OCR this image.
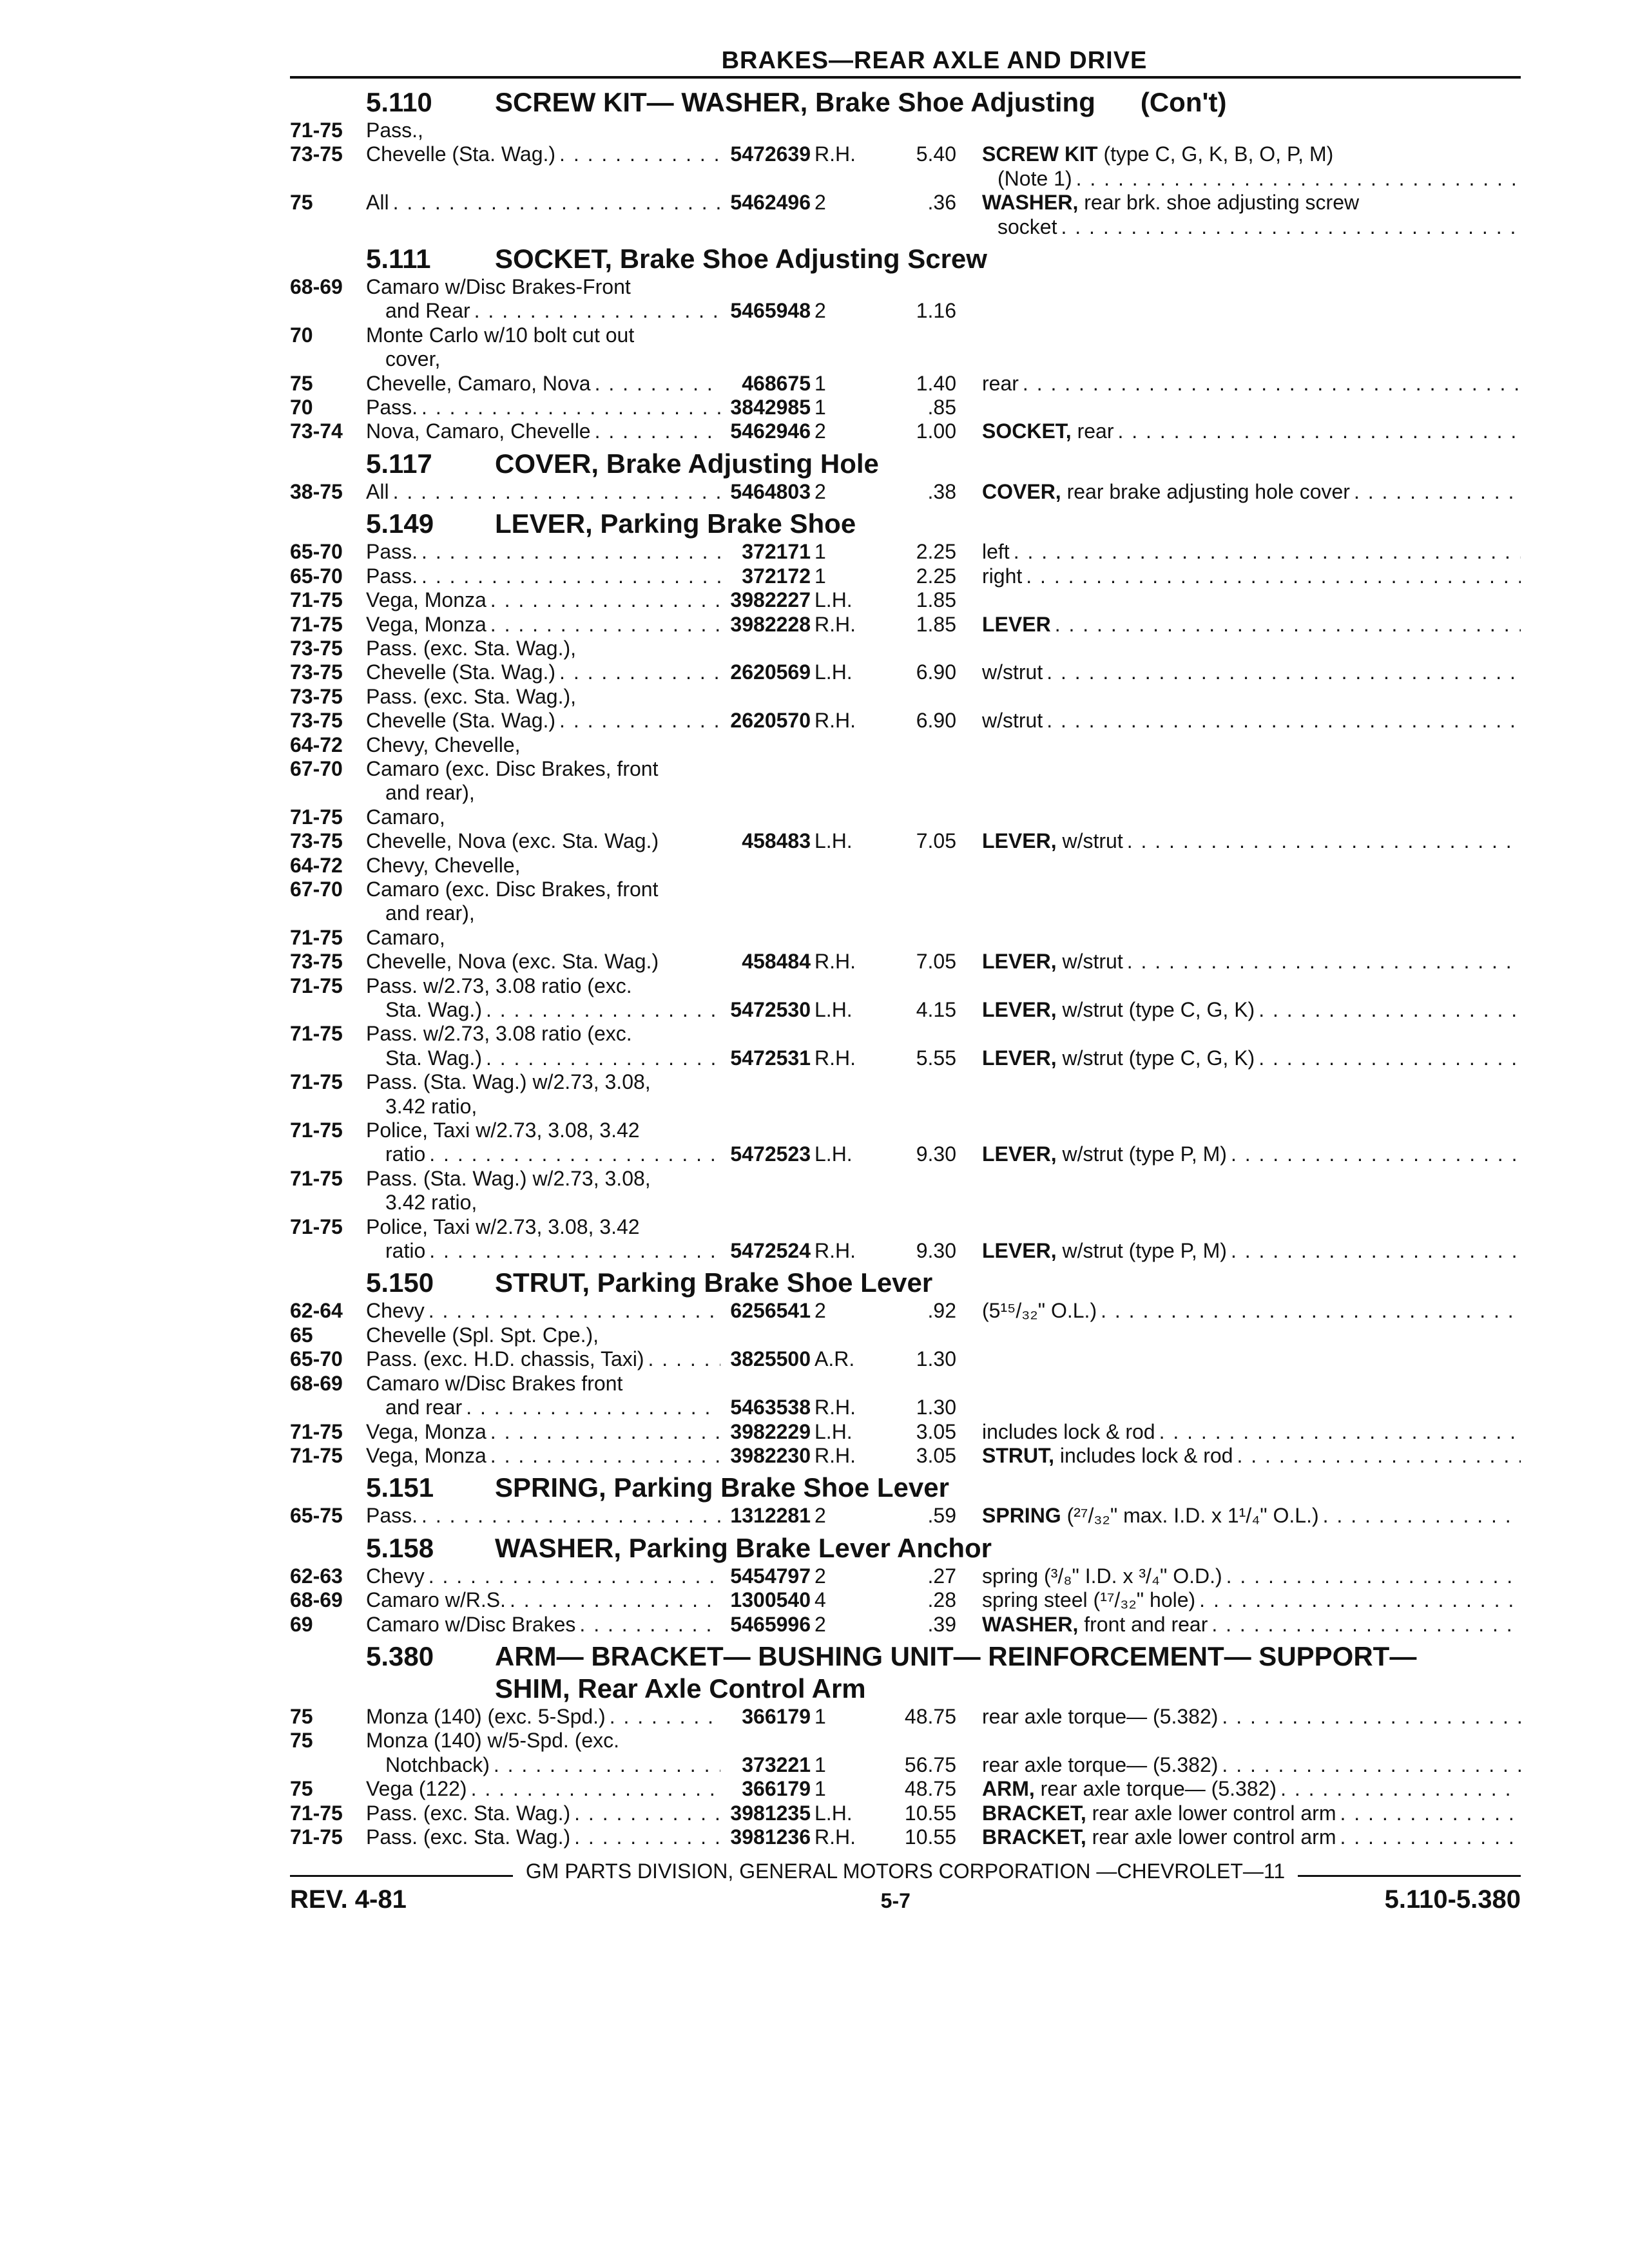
BRAKES—REAR AXLE AND DRIVE
5.110	SCREW KIT— WASHER, Brake Shoe Adjusting (Con't)
71-75	Pass.,
73-75	Chevelle (Sta. Wag.) . . .	5472639 R.H.	5.40 SCREW KIT (type C, G, K, B, O, P, M)
(Note 1)
. . .
75	All . . .	5462496 2	.36 WASHER, rear brk. shoe adjusting screw
socket
. . .
5.111	SOCKET, Brake Shoe Adjusting Screw
68-69	Camaro w/Disc Brakes-Front
and Rear . . .	5465948 2	1.16
70	Monte Carlo w/10 bolt cut out
cover,
75	Chevelle, Camaro, Nova . . .	468675 1	1.40 rear
. . .
70	Pass. . . .	3842985 1	.85
73-74	Nova, Camaro, Chevelle . . .	5462946 2	1.00 SOCKET, rear
. . .
5.117	COVER, Brake Adjusting Hole
38-75	All . . .	5464803 2	.38 COVER, rear brake adjusting hole cover
. . .
5.149	LEVER, Parking Brake Shoe
65-70	Pass. . . .	372171 1	2.25 left
. . .
65-70	Pass. . . .	372172 1	2.25 right
. . .
71-75	Vega, Monza . . .	3982227 L.H.	1.85
71-75	Vega, Monza . . .	3982228 R.H.	1.85 LEVER
. . .
73-75	Pass. (exc. Sta. Wag.),
73-75	Chevelle (Sta. Wag.) . . .	2620569 L.H.	6.90 w/strut
. . .
73-75	Pass. (exc. Sta. Wag.),
73-75	Chevelle (Sta. Wag.) . . .	2620570 R.H.	6.90 w/strut
. . .
64-72	Chevy, Chevelle,
67-70	Camaro (exc. Disc Brakes, front
and rear),
71-75	Camaro,
73-75	Chevelle, Nova (exc. Sta. Wag.)	458483 L.H.	7.05 LEVER, w/strut
. . .
64-72	Chevy, Chevelle,
67-70	Camaro (exc. Disc Brakes, front
and rear),
71-75	Camaro,
73-75	Chevelle, Nova (exc. Sta. Wag.)	458484 R.H.	7.05 LEVER, w/strut
. . .
71-75	Pass. w/2.73, 3.08 ratio (exc.
Sta. Wag.) . . .	5472530 L.H.	4.15 LEVER, w/strut (type C, G, K)
. . .
71-75	Pass. w/2.73, 3.08 ratio (exc.
Sta. Wag.) . . .	5472531 R.H.	5.55 LEVER, w/strut (type C, G, K)
. . .
71-75	Pass. (Sta. Wag.) w/2.73, 3.08,
3.42 ratio,
71-75	Police, Taxi w/2.73, 3.08, 3.42
ratio . . .	5472523 L.H.	9.30 LEVER, w/strut (type P, M)
. . .
71-75	Pass. (Sta. Wag.) w/2.73, 3.08,
3.42 ratio,
71-75	Police, Taxi w/2.73, 3.08, 3.42
ratio . . .	5472524 R.H.	9.30 LEVER, w/strut (type P, M)
. . .
5.150	STRUT, Parking Brake Shoe Lever
62-64	Chevy . . .	6256541 2	.92 (5¹⁵/₃₂" O.L.)
. . .
65	Chevelle (Spl. Spt. Cpe.),
65-70	Pass. (exc. H.D. chassis, Taxi) . . .	3825500 A.R.	1.30
68-69	Camaro w/Disc Brakes front
and rear . . .	5463538 R.H.	1.30
71-75	Vega, Monza . . .	3982229 L.H.	3.05 includes lock & rod
. . .
71-75	Vega, Monza . . .	3982230 R.H.	3.05 STRUT, includes lock & rod
. . .
5.151	SPRING, Parking Brake Shoe Lever
65-75	Pass. . . .	1312281 2	.59 SPRING (²⁷/₃₂" max. I.D. x 1¹/₄" O.L.)
. . .
5.158	WASHER, Parking Brake Lever Anchor
62-63	Chevy . . .	5454797 2	.27 spring (³/₈" I.D. x ³/₄" O.D.)
. . .
68-69	Camaro w/R.S. . . .	1300540 4	.28 spring steel (¹⁷/₃₂" hole)
. . .
69	Camaro w/Disc Brakes . . .	5465996 2	.39 WASHER, front and rear
. . .
5.380	ARM— BRACKET— BUSHING UNIT— REINFORCEMENT— SUPPORT—
SHIM, Rear Axle Control Arm
75	Monza (140) (exc. 5-Spd.) . . .	366179 1	48.75 rear axle torque— (5.382)
. . .
75	Monza (140) w/5-Spd. (exc.
Notchback) . . .	373221 1	56.75 rear axle torque— (5.382)
. . .
75	Vega (122) . . .	366179 1	48.75 ARM, rear axle torque— (5.382)
. . .
71-75	Pass. (exc. Sta. Wag.) . . .	3981235 L.H.	10.55 BRACKET, rear axle lower control arm
. . .
71-75	Pass. (exc. Sta. Wag.) . . .	3981236 R.H.	10.55 BRACKET, rear axle lower control arm
. . .
GM PARTS DIVISION, GENERAL MOTORS CORPORATION —CHEVROLET—11
REV. 4-81	5-7	5.110-5.380
